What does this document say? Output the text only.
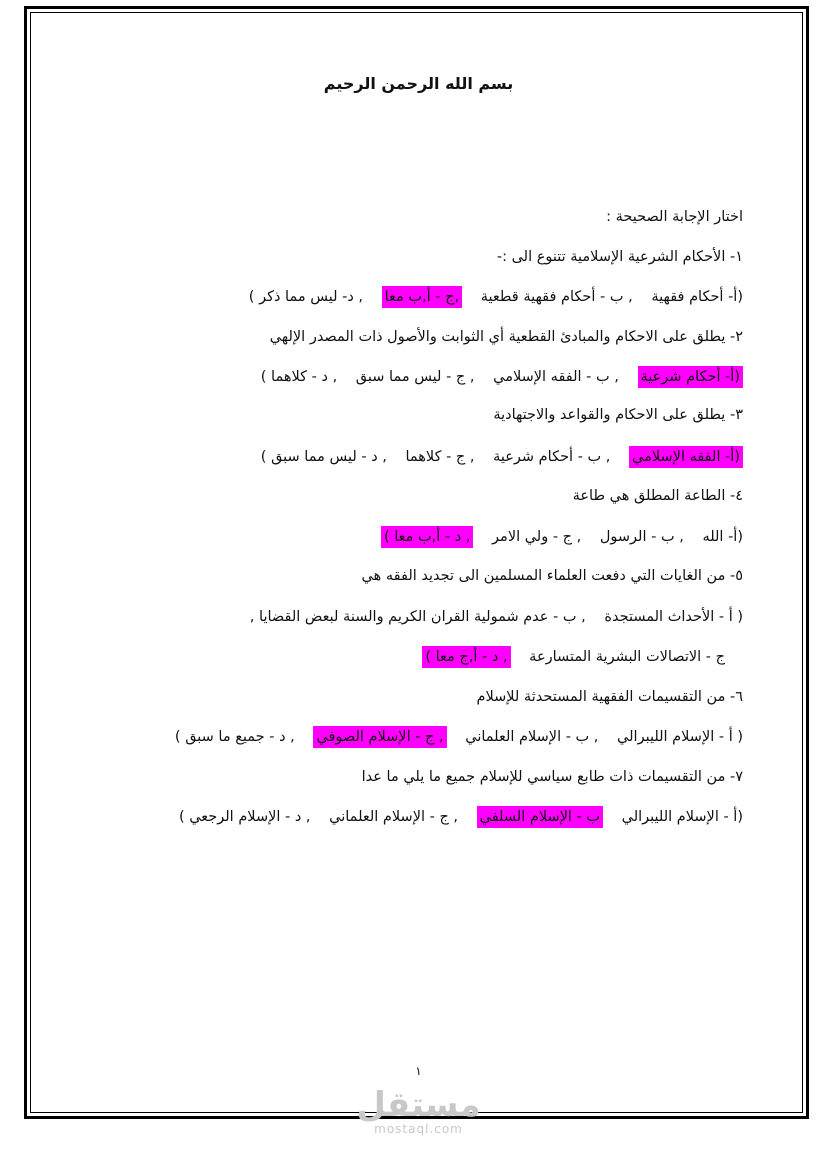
بسم الله الرحمن الرحيم
اختار الإجابة الصحيحة :
١- الأحكام الشرعية الإسلامية تتنوع الى :-
(أ- أحكام فقهية , ب - أحكام فقهية قطعية ,ج - أ,ب معا , د- ليس مما ذكر )
٢- يطلق على الاحكام والمبادئ القطعية أي الثوابت والأصول ذات المصدر الإلهي
(أ- أحكام شرعية , ب - الفقه الإسلامي , ج - ليس مما سبق , د - كلاهما )
٣- يطلق على الاحكام والقواعد والاجتهادية
(أ- الفقه الإسلامي , ب - أحكام شرعية , ج - كلاهما , د - ليس مما سبق )
٤- الطاعة المطلق هي طاعة
(أ- الله , ب - الرسول , ج - ولي الامر , د - أ,ب معا )
٥- من الغايات التي دفعت العلماء المسلمين الى تجديد الفقه هي
( أ - الأحداث المستجدة , ب - عدم شمولية القران الكريم والسنة لبعض القضايا ,
ج - الاتصالات البشرية المتسارعة , د - أ,ج معا )
٦- من التقسيمات الفقهية المستحدثة للإسلام
( أ - الإسلام الليبرالي , ب - الإسلام العلماني , ج - الإسلام الصوفي , د - جميع ما سبق )
٧- من التقسيمات ذات طابع سياسي للإسلام جميع ما يلي ما عدا
(أ - الإسلام الليبرالي ب - الإسلام السلفي , ج - الإسلام العلماني , د - الإسلام الرجعي )
١
مستقل
mostaql.com
